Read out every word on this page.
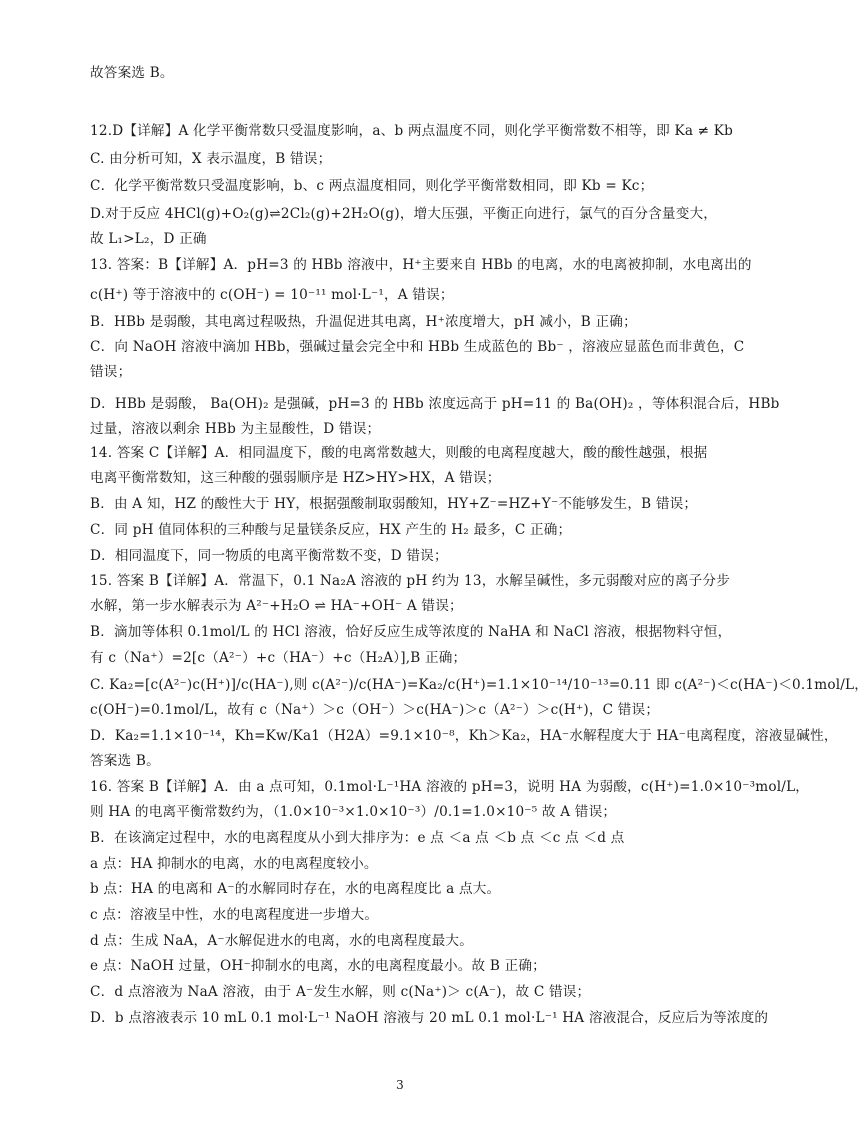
故答案选 B。
12.D【详解】A 化学平衡常数只受温度影响，a、b 两点温度不同，则化学平衡常数不相等，即 Ka ≠ Kb
C. 由分析可知，X 表示温度，B 错误；
C．化学平衡常数只受温度影响，b、c 两点温度相同，则化学平衡常数相同，即 Kb = Kc；
D.对于反应 4HCl(g)+O₂(g)⇌2Cl₂(g)+2H₂O(g)，增大压强，平衡正向进行，氯气的百分含量变大，
故 L₁>L₂，D 正确
13. 答案：B【详解】A．pH=3 的 HBb 溶液中，H⁺主要来自 HBb 的电离，水的电离被抑制，水电离出的
c(H⁺) 等于溶液中的 c(OH⁻) = 10⁻¹¹ mol·L⁻¹，A 错误；
B．HBb 是弱酸，其电离过程吸热，升温促进其电离，H⁺浓度增大，pH 减小，B 正确；
C．向 NaOH 溶液中滴加 HBb，强碱过量会完全中和 HBb 生成蓝色的 Bb⁻ ，溶液应显蓝色而非黄色，C
错误；
D．HBb 是弱酸， Ba(OH)₂ 是强碱，pH=3 的 HBb 浓度远高于 pH=11 的 Ba(OH)₂ ，等体积混合后，HBb
过量，溶液以剩余 HBb 为主显酸性，D 错误；
14. 答案 C【详解】A．相同温度下，酸的电离常数越大，则酸的电离程度越大，酸的酸性越强，根据
电离平衡常数知，这三种酸的强弱顺序是 HZ>HY>HX，A 错误；
B．由 A 知，HZ 的酸性大于 HY，根据强酸制取弱酸知，HY+Z⁻=HZ+Y⁻不能够发生，B 错误；
C．同 pH 值同体积的三种酸与足量镁条反应，HX 产生的 H₂ 最多，C 正确；
D．相同温度下，同一物质的电离平衡常数不变，D 错误；
15. 答案 B【详解】A．常温下，0.1 Na₂A 溶液的 pH 约为 13，水解呈碱性，多元弱酸对应的离子分步
水解，第一步水解表示为 A²⁻+H₂O ⇌ HA⁻+OH⁻ A 错误；
B．滴加等体积 0.1mol/L 的 HCl 溶液，恰好反应生成等浓度的 NaHA 和 NaCl 溶液，根据物料守恒，
有 c（Na⁺）=2[c（A²⁻）+c（HA⁻）+c（H₂A）],B 正确；
C. Ka₂=[c(A²⁻)c(H⁺)]/c(HA⁻),则 c(A²⁻)/c(HA⁻)=Ka₂/c(H⁺)=1.1×10⁻¹⁴/10⁻¹³=0.11 即 c(A²⁻)＜c(HA⁻)＜0.1mol/L，
c(OH⁻)=0.1mol/L，故有 c（Na⁺）＞c（OH⁻）＞c(HA⁻)＞c（A²⁻）＞c(H⁺)，C 错误；
D．Ka₂=1.1×10⁻¹⁴，Kh=Kw/Ka1（H2A）=9.1×10⁻⁸，Kh＞Ka₂，HA⁻水解程度大于 HA⁻电离程度，溶液显碱性，
答案选 B。
16. 答案 B【详解】A．由 a 点可知，0.1mol·L⁻¹HA 溶液的 pH=3，说明 HA 为弱酸，c(H⁺)=1.0×10⁻³mol/L，
则 HA 的电离平衡常数约为，（1.0×10⁻³×1.0×10⁻³）/0.1=1.0×10⁻⁵ 故 A 错误；
B．在该滴定过程中，水的电离程度从小到大排序为：e 点 ＜a 点 ＜b 点 ＜c 点 ＜d 点
a 点：HA 抑制水的电离，水的电离程度较小。
b 点：HA 的电离和 A⁻的水解同时存在，水的电离程度比 a 点大。
c 点：溶液呈中性，水的电离程度进一步增大。
d 点：生成 NaA，A⁻水解促进水的电离，水的电离程度最大。
e 点：NaOH 过量，OH⁻抑制水的电离，水的电离程度最小。故 B 正确；
C．d 点溶液为 NaA 溶液，由于 A⁻发生水解，则 c(Na⁺)＞ c(A⁻)，故 C 错误；
D．b 点溶液表示 10 mL 0.1 mol·L⁻¹ NaOH 溶液与 20 mL 0.1 mol·L⁻¹ HA 溶液混合，反应后为等浓度的
3
